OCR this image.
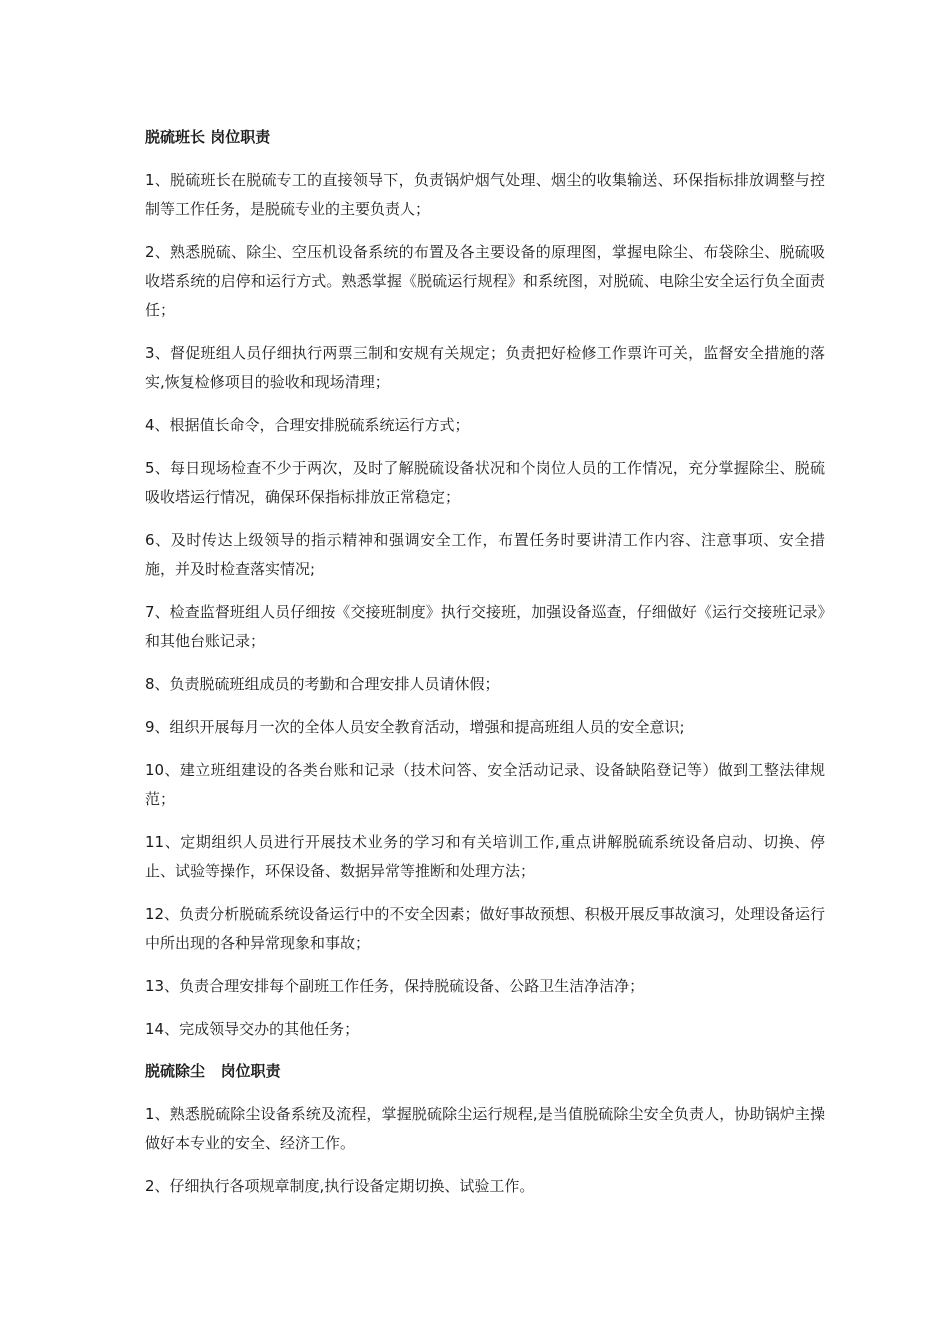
脱硫班长 岗位职责

1、脱硫班长在脱硫专工的直接领导下，负责锅炉烟气处理、烟尘的收集输送、环保指标排放调整与控制等工作任务，是脱硫专业的主要负责人；

2、熟悉脱硫、除尘、空压机设备系统的布置及各主要设备的原理图，掌握电除尘、布袋除尘、脱硫吸收塔系统的启停和运行方式。熟悉掌握《脱硫运行规程》和系统图，对脱硫、电除尘安全运行负全面责任；

3、督促班组人员仔细执行两票三制和安规有关规定；负责把好检修工作票许可关，监督安全措施的落实,恢复检修项目的验收和现场清理；

4、根据值长命令，合理安排脱硫系统运行方式；

5、每日现场检查不少于两次，及时了解脱硫设备状况和个岗位人员的工作情况，充分掌握除尘、脱硫吸收塔运行情况，确保环保指标排放正常稳定；

6、及时传达上级领导的指示精神和强调安全工作，布置任务时要讲清工作内容、注意事项、安全措施，并及时检查落实情况;

7、检查监督班组人员仔细按《交接班制度》执行交接班，加强设备巡查，仔细做好《运行交接班记录》和其他台账记录；

8、负责脱硫班组成员的考勤和合理安排人员请休假；

9、组织开展每月一次的全体人员安全教育活动，增强和提高班组人员的安全意识;

10、建立班组建设的各类台账和记录（技术问答、安全活动记录、设备缺陷登记等）做到工整法律规范；

11、定期组织人员进行开展技术业务的学习和有关培训工作,重点讲解脱硫系统设备启动、切换、停止、试验等操作，环保设备、数据异常等推断和处理方法；

12、负责分析脱硫系统设备运行中的不安全因素；做好事故预想、积极开展反事故演习，处理设备运行中所出现的各种异常现象和事故；

13、负责合理安排每个副班工作任务，保持脱硫设备、公路卫生洁净洁净；

14、完成领导交办的其他任务；

脱硫除尘   岗位职责

1、熟悉脱硫除尘设备系统及流程，掌握脱硫除尘运行规程,是当值脱硫除尘安全负责人，协助锅炉主操做好本专业的安全、经济工作。

2、仔细执行各项规章制度,执行设备定期切换、试验工作。
